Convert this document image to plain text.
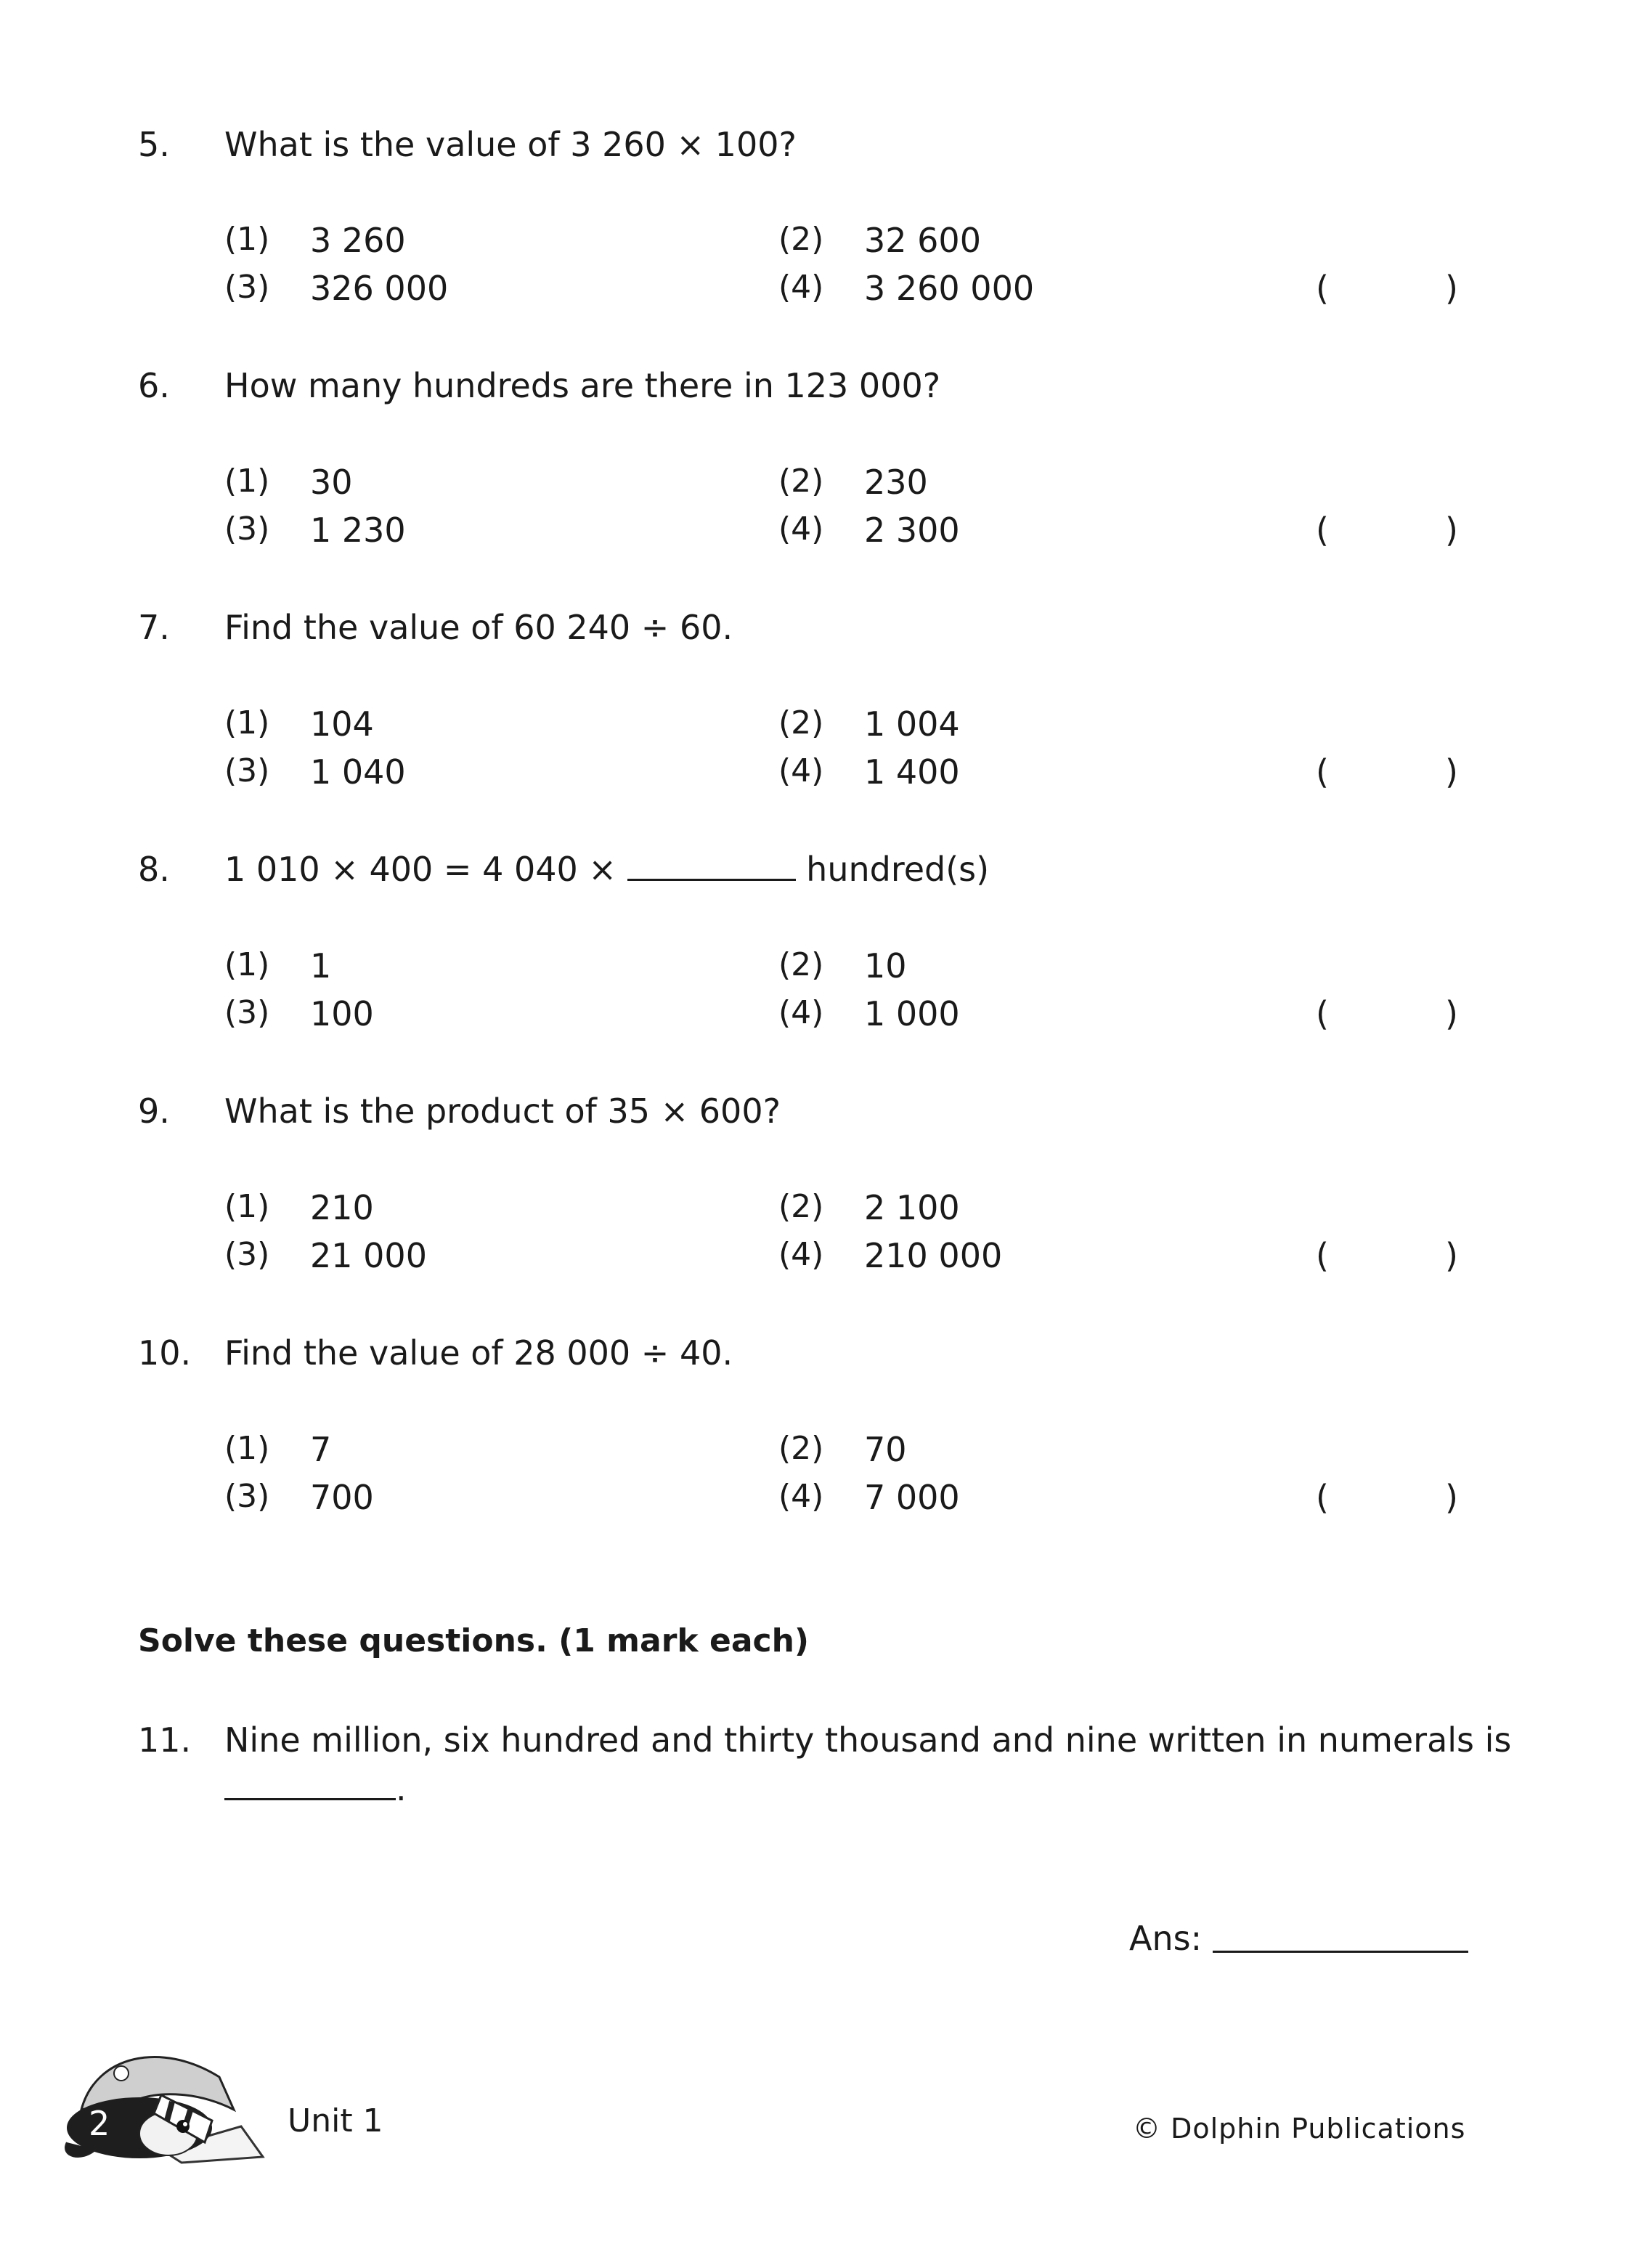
5. What is the value of 3 260 × 100?
(1) 3 260	(2) 32 600
(3) 326 000	(4) 3 260 000	(	)
6. How many hundreds are there in 123 000?
(1) 30	(2) 230
(3) 1 230	(4) 2 300	(	)
7. Find the value of 60 240 ÷ 60.
(1) 104	(2) 1 004
(3) 1 040	(4) 1 400	(	)
8. 1 010 × 400 = 4 040 ×	hundred(s)
(1) 1	(2) 10
(3) 100	(4) 1 000	(	)
9. What is the product of 35 × 600?
(1) 210	(2) 2 100
(3) 21 000	(4) 210 000	(	)
10. Find the value of 28 000 ÷ 40.
(1) 7	(2) 70
(3) 700	(4) 7 000	(	)
Solve these questions. (1 mark each)
11. Nine million, six hundred and thirty thousand and nine written in numerals is
.
Ans:
2	Unit 1	© Dolphin Publications
